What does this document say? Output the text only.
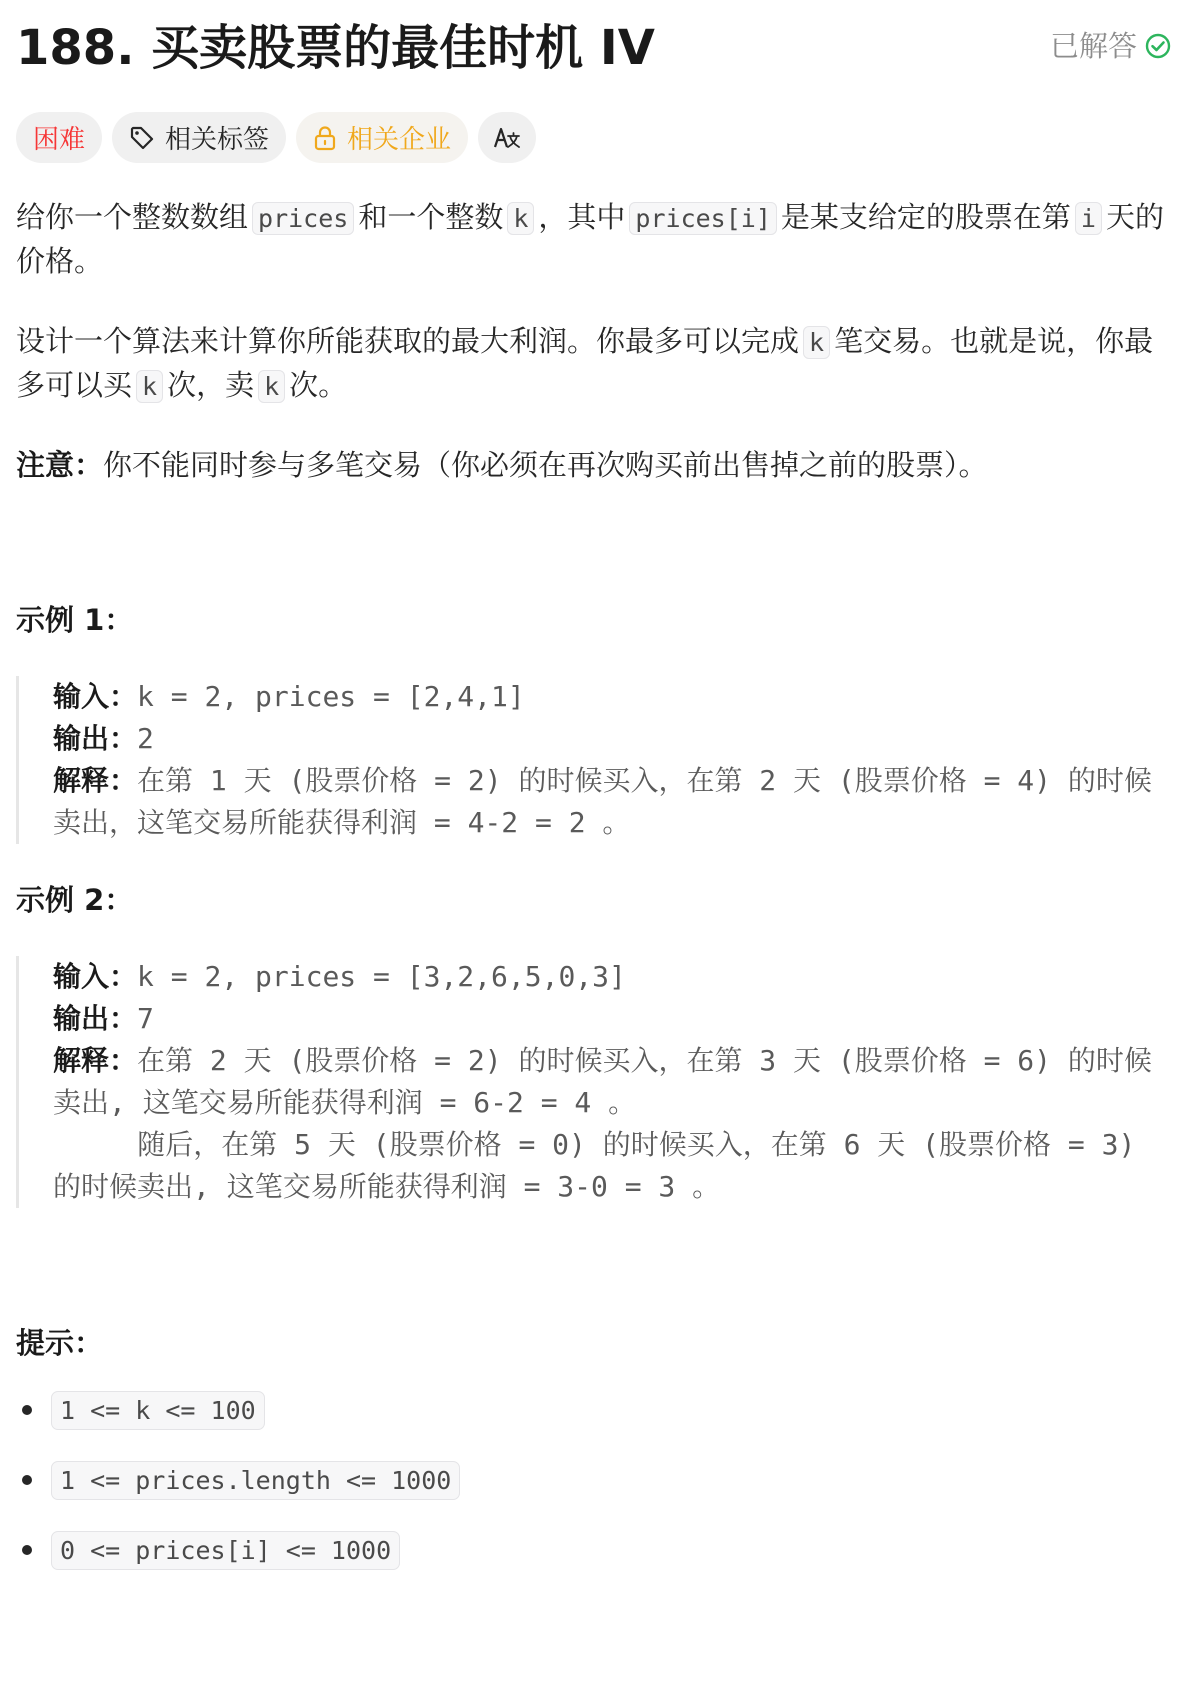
188. 买卖股票的最佳时机 IV	已解答
困难	相关标签	相关企业
给你一个整数数组 prices 和一个整数 k ，其中 prices[i] 是某支给定的股票在第 i 天的价格。
设计一个算法来计算你所能获取的最大利润。你最多可以完成 k 笔交易。也就是说，你最多可以买 k 次，卖 k 次。
注意：你不能同时参与多笔交易（你必须在再次购买前出售掉之前的股票）。
示例 1：
输入：k = 2, prices = [2,4,1]
输出：2
解释：在第 1 天 (股票价格 = 2) 的时候买入，在第 2 天 (股票价格 = 4) 的时候卖出，这笔交易所能获得利润 = 4-2 = 2 。
示例 2：
输入：k = 2, prices = [3,2,6,5,0,3]
输出：7
解释：在第 2 天 (股票价格 = 2) 的时候买入，在第 3 天 (股票价格 = 6) 的时候卖出, 这笔交易所能获得利润 = 6-2 = 4 。
随后，在第 5 天 (股票价格 = 0) 的时候买入，在第 6 天 (股票价格 = 3) 的时候卖出, 这笔交易所能获得利润 = 3-0 = 3 。
提示：
1 <= k <= 100
1 <= prices.length <= 1000
0 <= prices[i] <= 1000
